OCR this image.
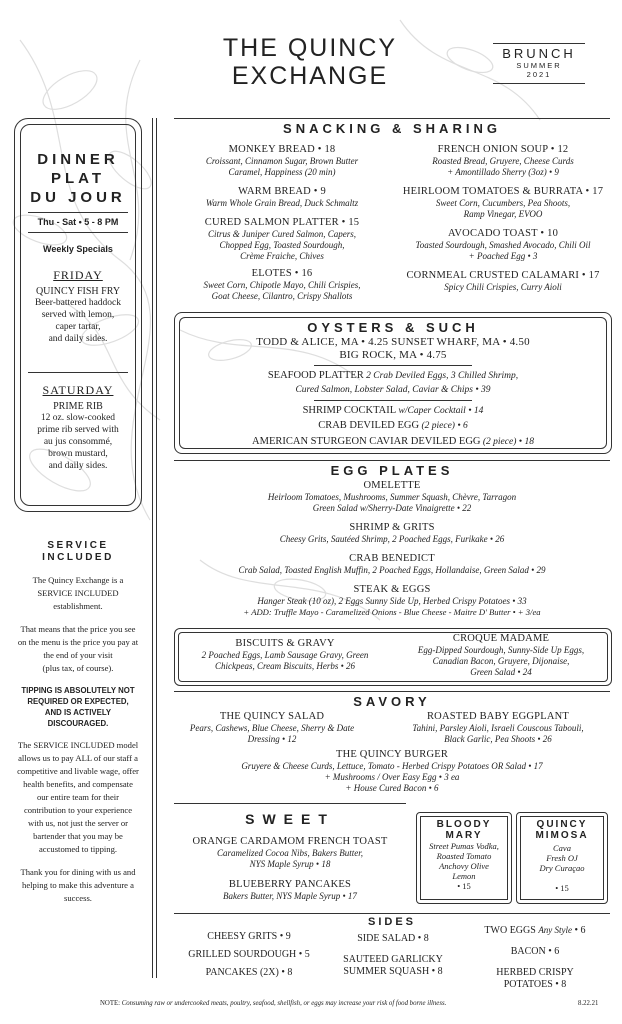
THE QUINCY
EXCHANGE
BRUNCH
SUMMER
2021
DINNER
PLAT
DU JOUR
Thu - Sat • 5 - 8 PM
Weekly Specials
FRIDAY
QUINCY FISH FRY
Beer-battered haddock
served with lemon,
caper tartar,
and daily sides.
SATURDAY
PRIME RIB
12 oz. slow-cooked
prime rib served with
au jus consommé,
brown mustard,
and daily sides.
SERVICE
INCLUDED
The Quincy Exchange is a
SERVICE INCLUDED
establishment.
That means that the price you see
on the menu is the price you pay at
the end of your visit
(plus tax, of course).
TIPPING IS ABSOLUTELY NOT
REQUIRED OR EXPECTED,
AND IS ACTIVELY
DISCOURAGED.
The SERVICE INCLUDED model
allows us to pay ALL of our staff a
competitive and livable wage, offer
health benefits, and compensate
our entire team for their
contribution to your experience
with us, not just the server or
bartender that you may be
accustomed to tipping.
Thank you for dining with us and
helping to make this adventure a
success.
SNACKING & SHARING
MONKEY BREAD • 18
Croissant, Cinnamon Sugar, Brown Butter
Caramel, Happiness (20 min)
WARM BREAD • 9
Warm Whole Grain Bread, Duck Schmaltz
CURED SALMON PLATTER • 15
Citrus & Juniper Cured Salmon, Capers,
Chopped Egg, Toasted Sourdough,
Crème Fraiche, Chives
ELOTES • 16
Sweet Corn, Chipotle Mayo, Chili Crispies,
Goat Cheese, Cilantro, Crispy Shallots
FRENCH ONION SOUP • 12
Roasted Bread, Gruyere, Cheese Curds
+ Amontillado Sherry (3oz) • 9
HEIRLOOM TOMATOES & BURRATA • 17
Sweet Corn, Cucumbers, Pea Shoots,
Ramp Vinegar, EVOO
AVOCADO TOAST • 10
Toasted Sourdough, Smashed Avocado, Chili Oil
+ Poached Egg • 3
CORNMEAL CRUSTED CALAMARI • 17
Spicy Chili Crispies, Curry Aioli
OYSTERS & SUCH
TODD & ALICE, MA • 4.25 SUNSET WHARF, MA • 4.50
BIG ROCK, MA • 4.75
SEAFOOD PLATTER 2 Crab Deviled Eggs, 3 Chilled Shrimp,
Cured Salmon, Lobster Salad, Caviar & Chips • 39
SHRIMP COCKTAIL w/Caper Cocktail • 14
CRAB DEVILED EGG (2 piece) • 6
AMERICAN STURGEON CAVIAR DEVILED EGG (2 piece) • 18
EGG PLATES
OMELETTE
Heirloom Tomatoes, Mushrooms, Summer Squash, Chèvre, Tarragon
Green Salad w/Sherry-Date Vinaigrette • 22
SHRIMP & GRITS
Cheesy Grits, Sautéed Shrimp, 2 Poached Eggs, Furikake • 26
CRAB BENEDICT
Crab Salad, Toasted English Muffin, 2 Poached Eggs, Hollandaise, Green Salad • 29
STEAK & EGGS
Hanger Steak (10 oz), 2 Eggs Sunny Side Up, Herbed Crispy Potatoes • 33
+ ADD: Truffle Mayo - Caramelized Onions - Blue Cheese - Maitre D' Butter • + 3/ea
BISCUITS & GRAVY
2 Poached Eggs, Lamb Sausage Gravy, Green
Chickpeas, Cream Biscuits, Herbs • 26
CROQUE MADAME
Egg-Dipped Sourdough, Sunny-Side Up Eggs,
Canadian Bacon, Gruyere, Dijonaise,
Green Salad • 24
SAVORY
THE QUINCY SALAD
Pears, Cashews, Blue Cheese, Sherry & Date
Dressing • 12
ROASTED BABY EGGPLANT
Tahini, Parsley Aioli, Israeli Couscous Tabouli,
Black Garlic, Pea Shoots • 26
THE QUINCY BURGER
Gruyere & Cheese Curds, Lettuce, Tomato - Herbed Crispy Potatoes OR Salad • 17
+ Mushrooms / Over Easy Egg • 3 ea
+ House Cured Bacon • 6
SWEET
ORANGE CARDAMOM FRENCH TOAST
Caramelized Cocoa Nibs, Bakers Butter,
NYS Maple Syrup • 18
BLUEBERRY PANCAKES
Bakers Butter, NYS Maple Syrup • 17
BLOODY
MARY
Street Pumas Vodka,
Roasted Tomato
Anchovy Olive
Lemon
• 15
QUINCY
MIMOSA
Cava
Fresh OJ
Dry Curaçao
• 15
SIDES
CHEESY GRITS • 9
GRILLED SOURDOUGH • 5
PANCAKES (2X) • 8
SIDE SALAD • 8
SAUTEED GARLICKY
SUMMER SQUASH • 8
TWO EGGS Any Style • 6
BACON • 6
HERBED CRISPY
POTATOES • 8
NOTE: Consuming raw or undercooked meats, poultry, seafood, shellfish, or eggs may increase your risk of food borne illness.	8.22.21
